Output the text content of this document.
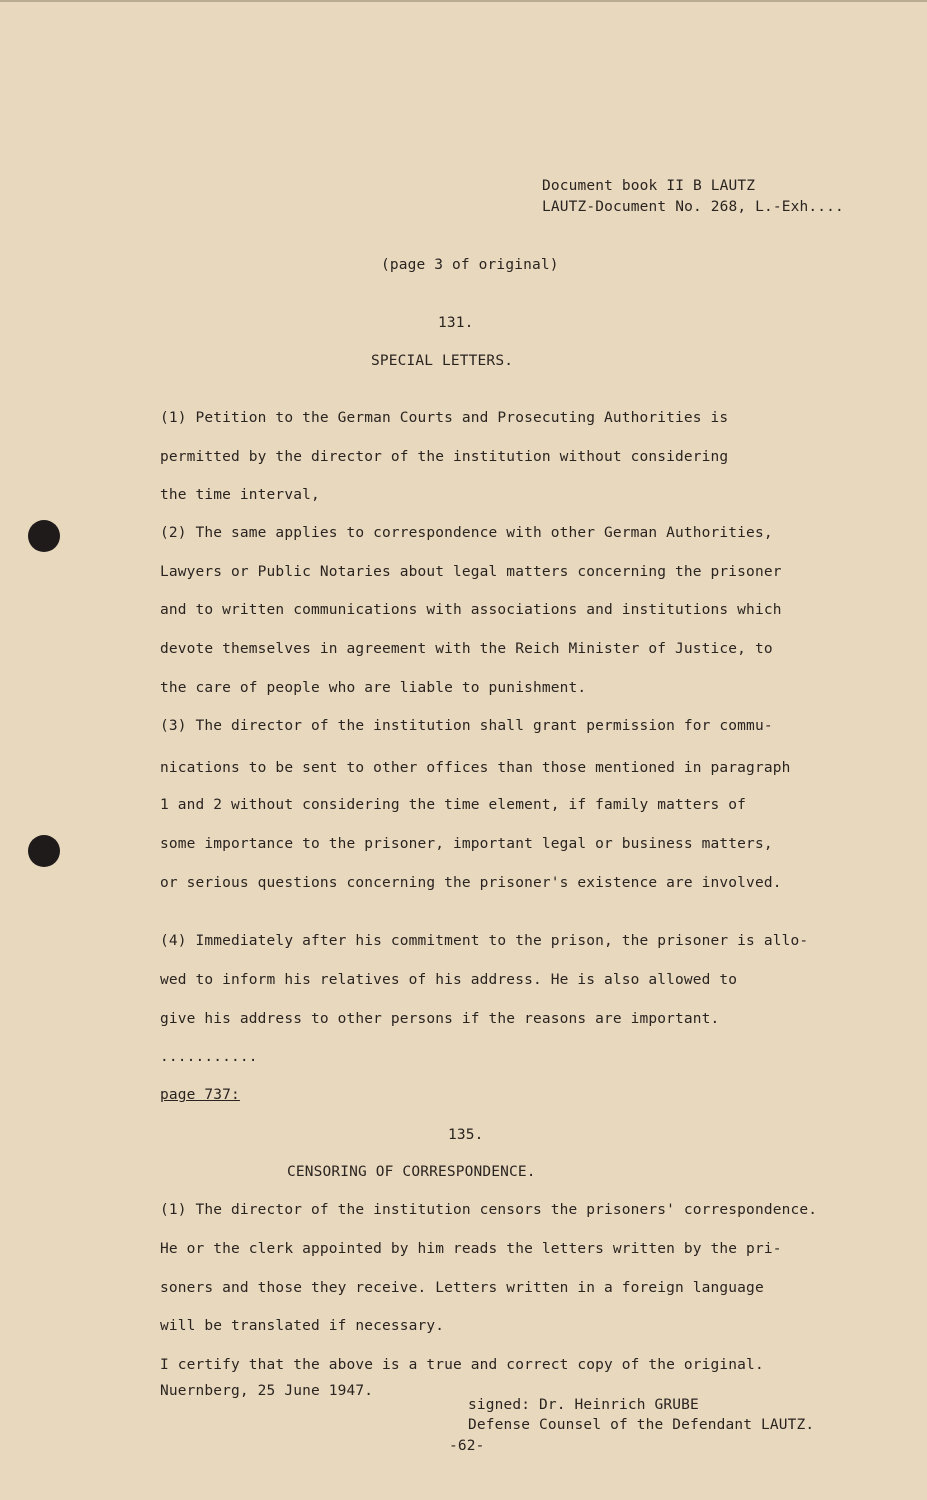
Document book II B LAUTZ
LAUTZ-Document No. 268, L.-Exh....
(page 3 of original)
131.
SPECIAL LETTERS.
(1) Petition to the German Courts and Prosecuting Authorities is
permitted by the director of the institution without considering
the time interval,
(2) The same applies to correspondence with other German Authorities,
Lawyers or Public Notaries about legal matters concerning the prisoner
and to written communications with associations and institutions which
devote themselves in agreement with the Reich Minister of Justice, to
the care of people who are liable to punishment.
(3) The director of the institution shall grant permission for commu-
nications to be sent to other offices than those mentioned in paragraph
1 and 2 without considering the time element, if family matters of
some importance to the prisoner, important legal or business matters,
or serious questions concerning the prisoner's existence are involved.
(4) Immediately after his commitment to the prison, the prisoner is allo-
wed to inform his relatives of his address. He is also allowed to
give his address to other persons if the reasons are important.
...........
page 737:
135.
CENSORING OF CORRESPONDENCE.
(1) The director of the institution censors the prisoners' correspondence.
He or the clerk appointed by him reads the letters written by the pri-
soners and those they receive. Letters written in a foreign language
will be translated if necessary.
I certify that the above is a true and correct copy of the original.
Nuernberg, 25 June 1947.
signed: Dr. Heinrich GRUBE
Defense Counsel of the Defendant LAUTZ.
-62-
